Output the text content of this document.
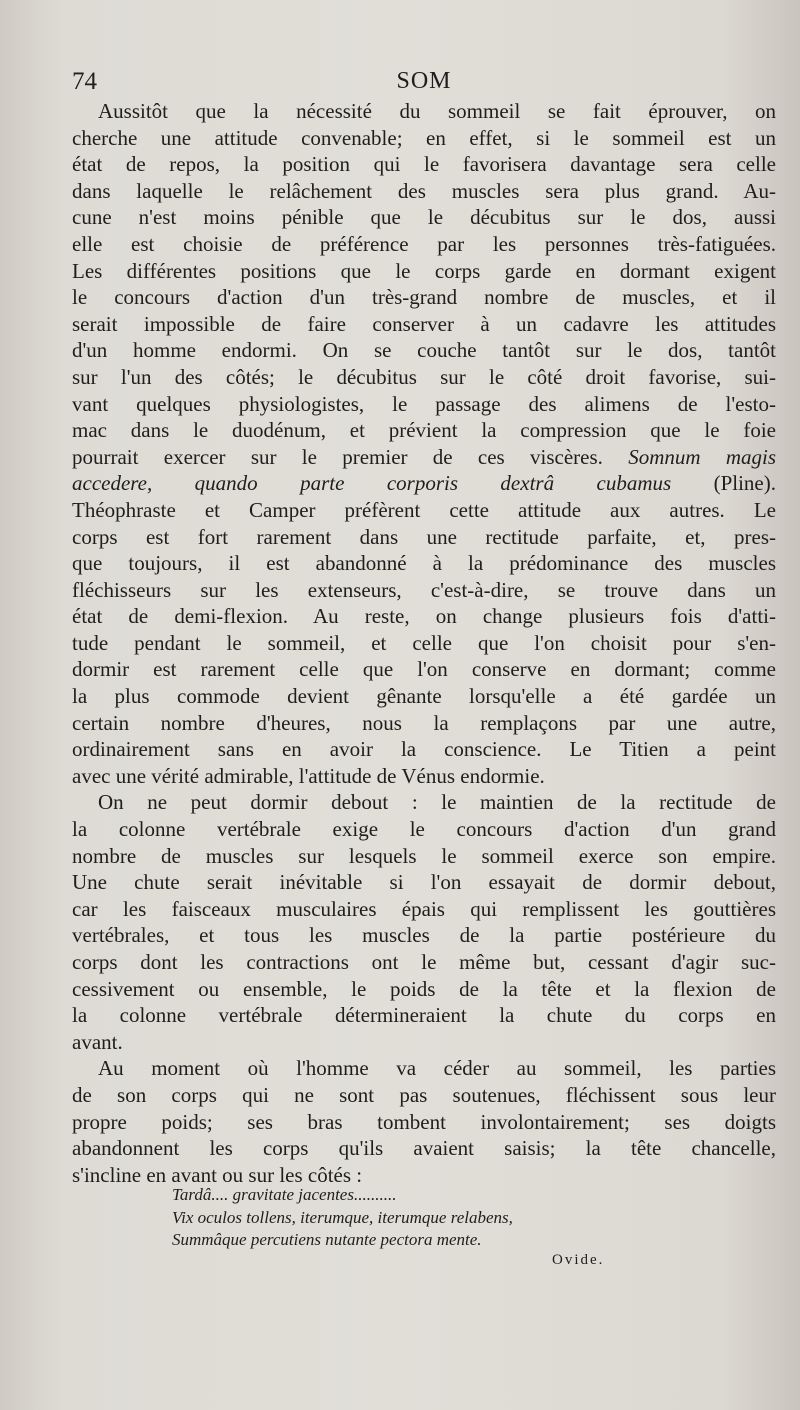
74	SOM
Aussitôt que la nécessité du sommeil se fait éprouver, on
cherche une attitude convenable; en effet, si le sommeil est un
état de repos, la position qui le favorisera davantage sera celle
dans laquelle le relâchement des muscles sera plus grand. Au-
cune n'est moins pénible que le décubitus sur le dos, aussi
elle est choisie de préférence par les personnes très-fatiguées.
Les différentes positions que le corps garde en dormant exigent
le concours d'action d'un très-grand nombre de muscles, et il
serait impossible de faire conserver à un cadavre les attitudes
d'un homme endormi. On se couche tantôt sur le dos, tantôt
sur l'un des côtés; le décubitus sur le côté droit favorise, sui-
vant quelques physiologistes, le passage des alimens de l'esto-
mac dans le duodénum, et prévient la compression que le foie
pourrait exercer sur le premier de ces viscères. Somnum magis
accedere, quando parte corporis dextrâ cubamus (Pline).
Théophraste et Camper préfèrent cette attitude aux autres. Le
corps est fort rarement dans une rectitude parfaite, et, pres-
que toujours, il est abandonné à la prédominance des muscles
fléchisseurs sur les extenseurs, c'est-à-dire, se trouve dans un
état de demi-flexion. Au reste, on change plusieurs fois d'atti-
tude pendant le sommeil, et celle que l'on choisit pour s'en-
dormir est rarement celle que l'on conserve en dormant; comme
la plus commode devient gênante lorsqu'elle a été gardée un
certain nombre d'heures, nous la remplaçons par une autre,
ordinairement sans en avoir la conscience. Le Titien a peint
avec une vérité admirable, l'attitude de Vénus endormie.
On ne peut dormir debout : le maintien de la rectitude de
la colonne vertébrale exige le concours d'action d'un grand
nombre de muscles sur lesquels le sommeil exerce son empire.
Une chute serait inévitable si l'on essayait de dormir debout,
car les faisceaux musculaires épais qui remplissent les gouttières
vertébrales, et tous les muscles de la partie postérieure du
corps dont les contractions ont le même but, cessant d'agir suc-
cessivement ou ensemble, le poids de la tête et la flexion de
la colonne vertébrale détermineraient la chute du corps en
avant.
Au moment où l'homme va céder au sommeil, les parties
de son corps qui ne sont pas soutenues, fléchissent sous leur
propre poids; ses bras tombent involontairement; ses doigts
abandonnent les corps qu'ils avaient saisis; la tête chancelle,
s'incline en avant ou sur les côtés :
Tardâ.... gravitate jacentes..........
Vix oculos tollens, iterumque, iterumque relabens,
Summâque percutiens nutante pectora mente.
Ovide.
